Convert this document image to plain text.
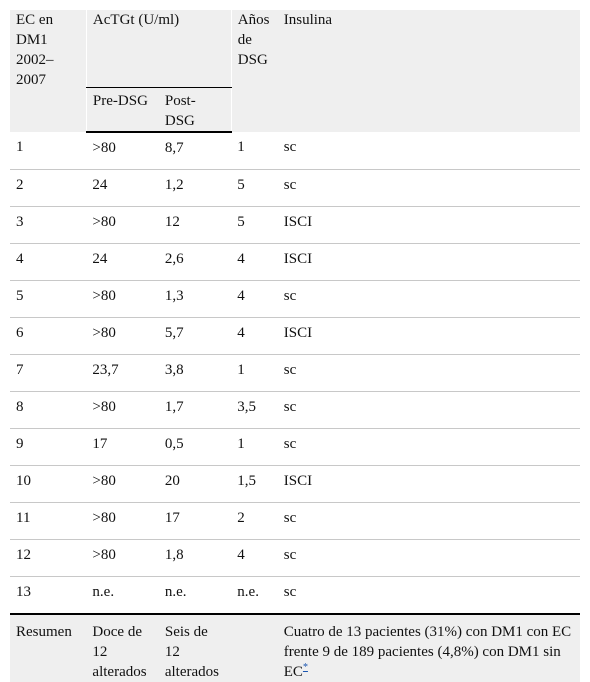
EC en DM1 2002–2007	AcTGt (U/ml)		Años de DSG	Insulina
	Pre-DSG	Post-DSG		
1	>80	8,7	1	sc
2	24	1,2	5	sc
3	>80	12	5	ISCI
4	24	2,6	4	ISCI
5	>80	1,3	4	sc
6	>80	5,7	4	ISCI
7	23,7	3,8	1	sc
8	>80	1,7	3,5	sc
9	17	0,5	1	sc
10	>80	20	1,5	ISCI
11	>80	17	2	sc
12	>80	1,8	4	sc
13	n.e.	n.e.	n.e.	sc
Resumen	Doce de 12 alterados	Seis de 12 alterados		Cuatro de 13 pacientes (31%) con DM1 con EC frente 9 de 189 pacientes (4,8%) con DM1 sin EC*
